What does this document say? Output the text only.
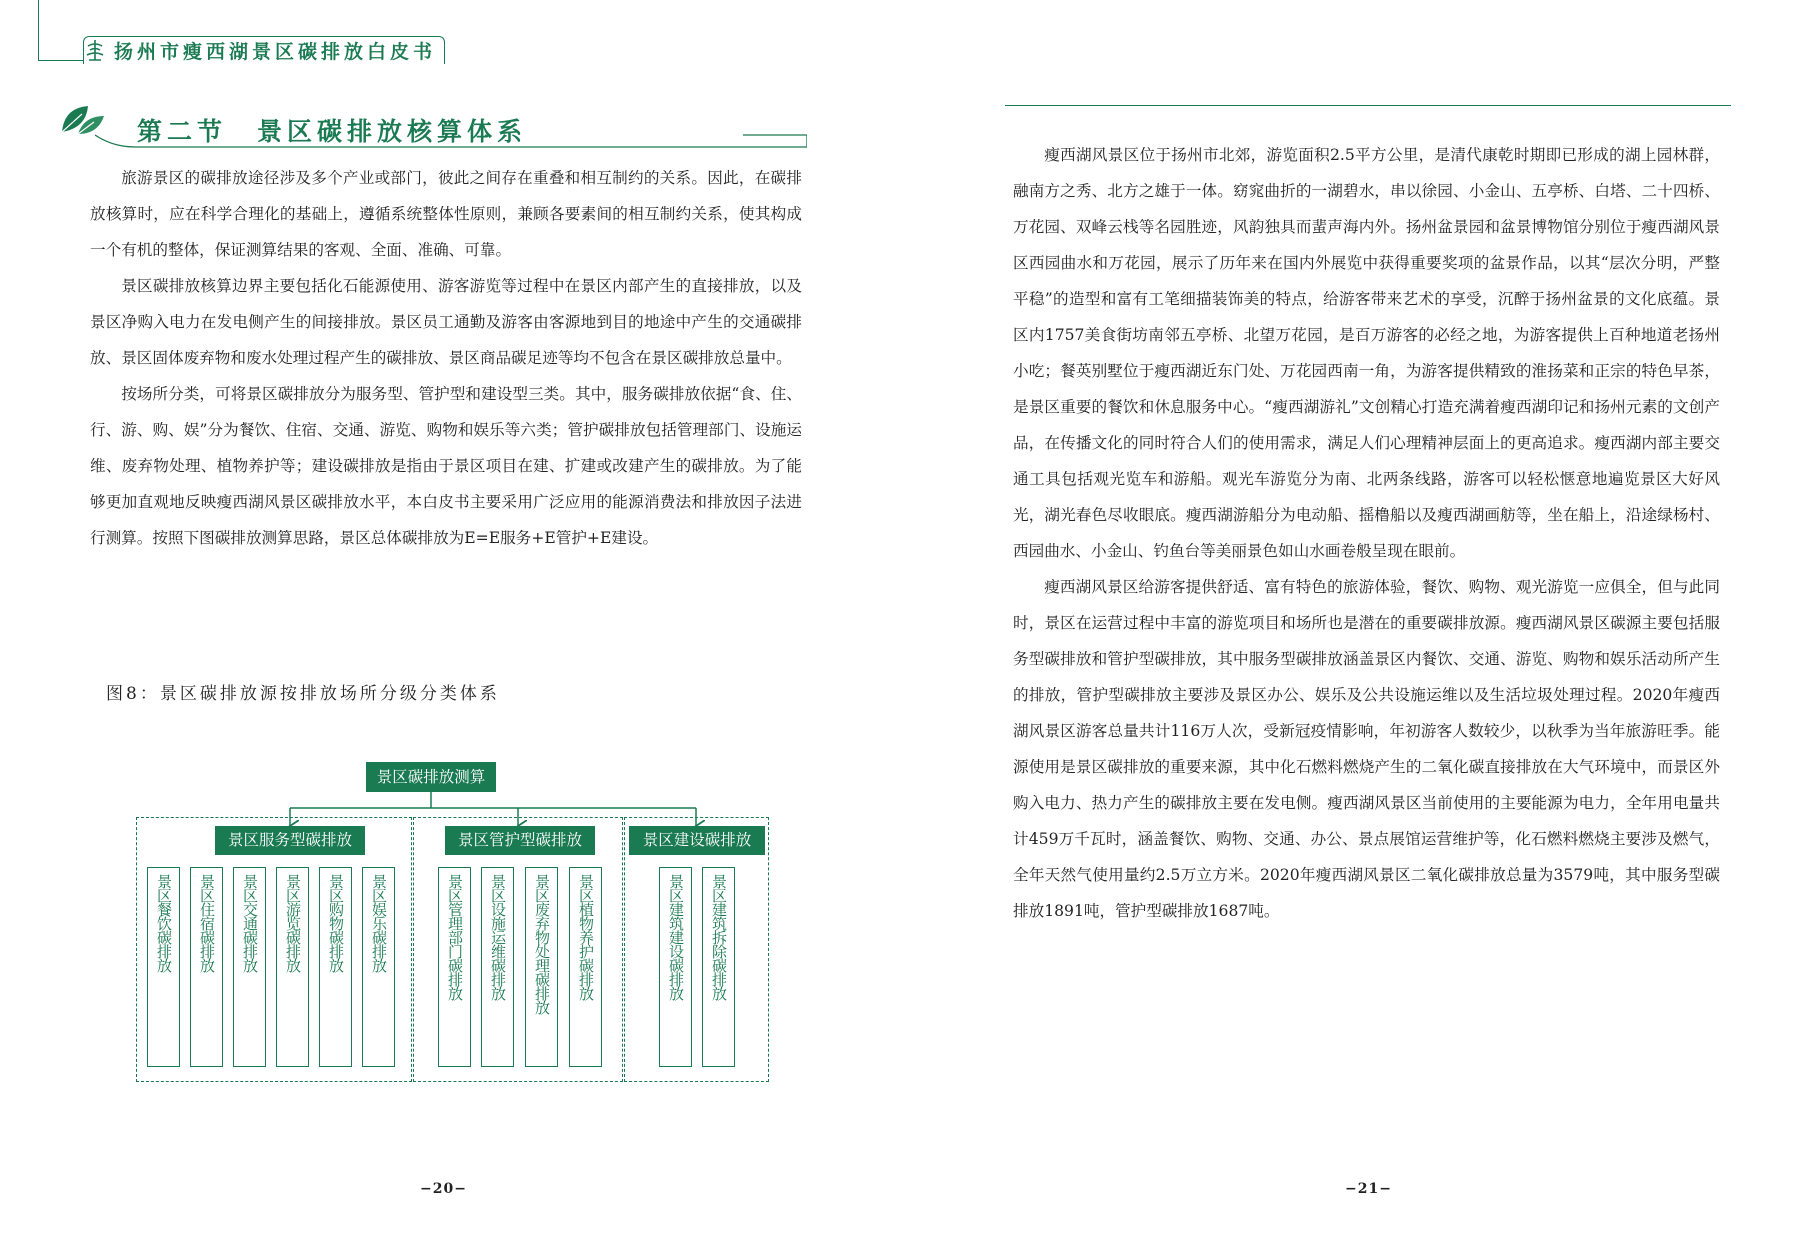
扬州市瘦西湖景区碳排放白皮书
第二节　景区碳排放核算体系

旅游景区的碳排放途径涉及多个产业或部门，彼此之间存在重叠和相互制约的关系。因此，在碳排放核算时，应在科学合理化的基础上，遵循系统整体性原则，兼顾各要素间的相互制约关系，使其构成一个有机的整体，保证测算结果的客观、全面、准确、可靠。

景区碳排放核算边界主要包括化石能源使用、游客游览等过程中在景区内部产生的直接排放，以及景区净购入电力在发电侧产生的间接排放。景区员工通勤及游客由客源地到目的地途中产生的交通碳排放、景区固体废弃物和废水处理过程产生的碳排放、景区商品碳足迹等均不包含在景区碳排放总量中。

按场所分类，可将景区碳排放分为服务型、管护型和建设型三类。其中，服务碳排放依据“食、住、行、游、购、娱”分为餐饮、住宿、交通、游览、购物和娱乐等六类；管护碳排放包括管理部门、设施运维、废弃物处理、植物养护等；建设碳排放是指由于景区项目在建、扩建或改建产生的碳排放。为了能够更加直观地反映瘦西湖风景区碳排放水平，本白皮书主要采用广泛应用的能源消费法和排放因子法进行测算。按照下图碳排放测算思路，景区总体碳排放为E=E服务+E管护+E建设。

图8：景区碳排放源按排放场所分级分类体系
景区碳排放测算
景区服务型碳排放	景区管护型碳排放	景区建设碳排放
景区餐饮碳排放	景区住宿碳排放	景区交通碳排放	景区游览碳排放	景区购物碳排放	景区娱乐碳排放	景区管理部门碳排放	景区设施运维碳排放	景区废弃物处理碳排放	景区植物养护碳排放	景区建筑建设碳排放	景区建筑拆除碳排放
−20−

瘦西湖风景区位于扬州市北郊，游览面积2.5平方公里，是清代康乾时期即已形成的湖上园林群，融南方之秀、北方之雄于一体。窈窕曲折的一湖碧水，串以徐园、小金山、五亭桥、白塔、二十四桥、万花园、双峰云栈等名园胜迹，风韵独具而蜚声海内外。扬州盆景园和盆景博物馆分别位于瘦西湖风景区西园曲水和万花园，展示了历年来在国内外展览中获得重要奖项的盆景作品，以其“层次分明，严整平稳”的造型和富有工笔细描装饰美的特点，给游客带来艺术的享受，沉醉于扬州盆景的文化底蕴。景区内1757美食街坊南邻五亭桥、北望万花园，是百万游客的必经之地，为游客提供上百种地道老扬州小吃；餐英别墅位于瘦西湖近东门处、万花园西南一角，为游客提供精致的淮扬菜和正宗的特色早茶，是景区重要的餐饮和休息服务中心。“瘦西湖游礼”文创精心打造充满着瘦西湖印记和扬州元素的文创产品，在传播文化的同时符合人们的使用需求，满足人们心理精神层面上的更高追求。瘦西湖内部主要交通工具包括观光览车和游船。观光车游览分为南、北两条线路，游客可以轻松惬意地遍览景区大好风光，湖光春色尽收眼底。瘦西湖游船分为电动船、摇橹船以及瘦西湖画舫等，坐在船上，沿途绿杨村、西园曲水、小金山、钓鱼台等美丽景色如山水画卷般呈现在眼前。

瘦西湖风景区给游客提供舒适、富有特色的旅游体验，餐饮、购物、观光游览一应俱全，但与此同时，景区在运营过程中丰富的游览项目和场所也是潜在的重要碳排放源。瘦西湖风景区碳源主要包括服务型碳排放和管护型碳排放，其中服务型碳排放涵盖景区内餐饮、交通、游览、购物和娱乐活动所产生的排放，管护型碳排放主要涉及景区办公、娱乐及公共设施运维以及生活垃圾处理过程。2020年瘦西湖风景区游客总量共计116万人次，受新冠疫情影响，年初游客人数较少，以秋季为当年旅游旺季。能源使用是景区碳排放的重要来源，其中化石燃料燃烧产生的二氧化碳直接排放在大气环境中，而景区外购入电力、热力产生的碳排放主要在发电侧。瘦西湖风景区当前使用的主要能源为电力，全年用电量共计459万千瓦时，涵盖餐饮、购物、交通、办公、景点展馆运营维护等，化石燃料燃烧主要涉及燃气，全年天然气使用量约2.5万立方米。2020年瘦西湖风景区二氧化碳排放总量为3579吨，其中服务型碳排放1891吨，管护型碳排放1687吨。

−21−
